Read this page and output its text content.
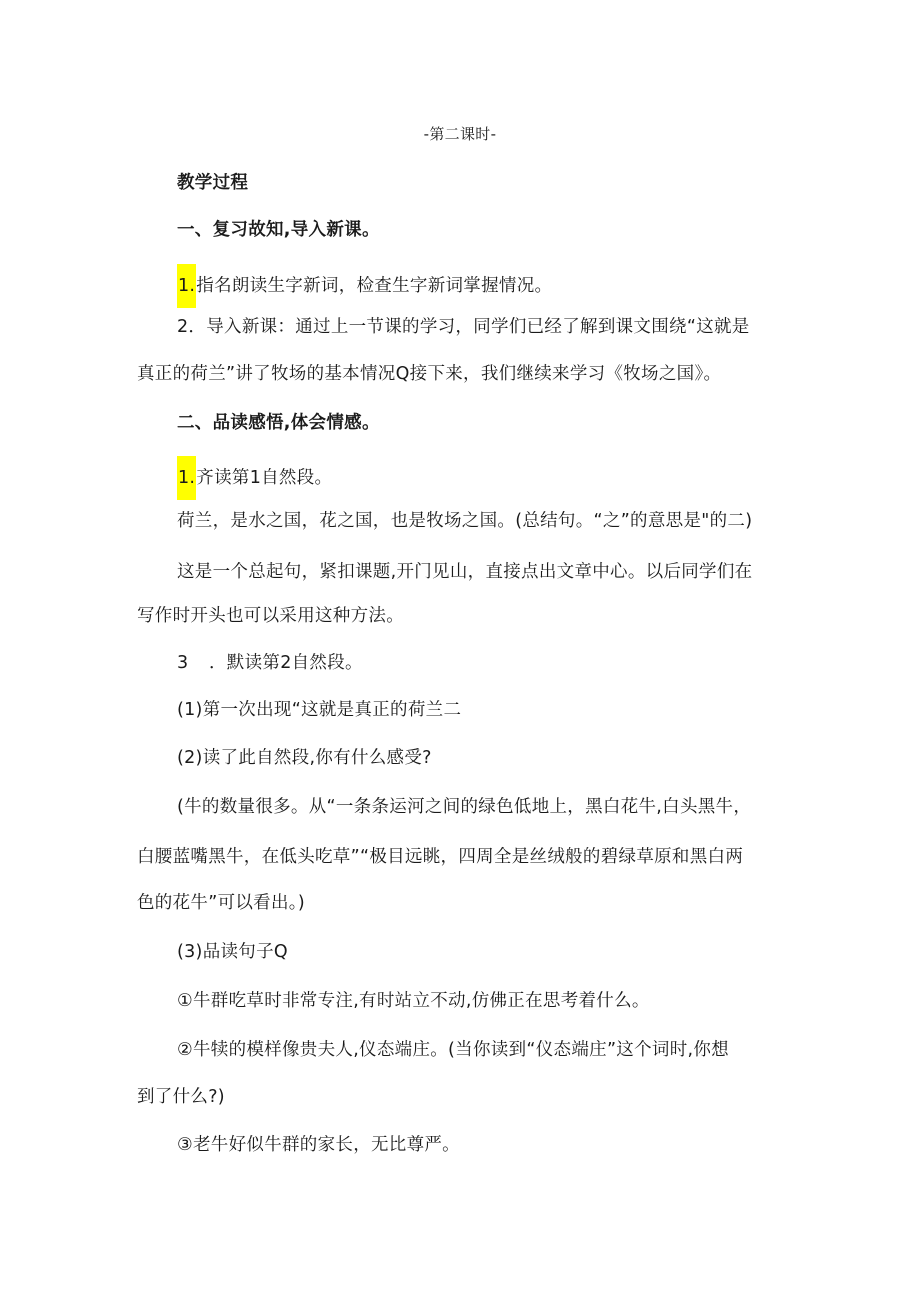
-第二课时-
教学过程
一、复习故知,导入新课。
1.指名朗读生字新词，检查生字新词掌握情况。
2．导入新课：通过上一节课的学习，同学们已经了解到课文围绕“这就是
真正的荷兰”讲了牧场的基本情况Q接下来，我们继续来学习《牧场之国》。
二、品读感悟,体会情感。
1.齐读第1自然段。
荷兰，是水之国，花之国，也是牧场之国。(总结句。“之”的意思是"的二)
这是一个总起句，紧扣课题,开门见山，直接点出文章中心。以后同学们在
写作时开头也可以采用这种方法。
3 ．默读第2自然段。
(1)第一次出现“这就是真正的荷兰二
(2)读了此自然段,你有什么感受?
(牛的数量很多。从“一条条运河之间的绿色低地上，黑白花牛,白头黑牛，
白腰蓝嘴黑牛，在低头吃草”“极目远眺，四周全是丝绒般的碧绿草原和黑白两
色的花牛”可以看出。)
(3)品读句子Q
①牛群吃草时非常专注,有时站立不动,仿佛正在思考着什么。
②牛犊的模样像贵夫人,仪态端庄。(当你读到“仪态端庄”这个词时,你想
到了什么?)
③老牛好似牛群的家长，无比尊严。
